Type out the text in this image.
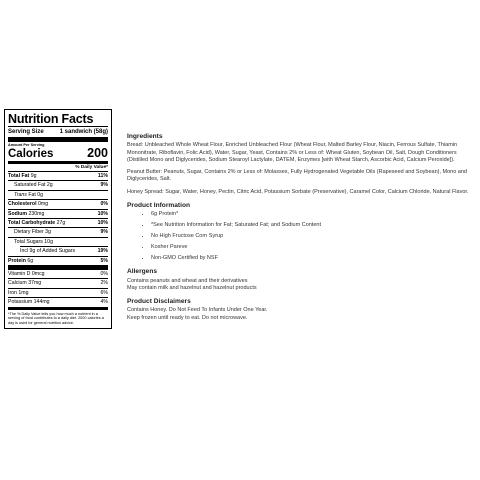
Nutrition Facts
Serving Size	1 sandwich (58g)
Amount Per Serving
Calories	200
% Daily Value*
Total Fat 9g	11%
Saturated Fat 2g	9%
Trans Fat 0g
Cholesterol 0mg	0%
Sodium 230mg	10%
Total Carbohydrate 27g	10%
Dietary Fiber 3g	9%
Total Sugars 10g
Incl 9g of Added Sugars	19%
Protein 6g	5%
Vitamin D 0mcg	0%
Calcium 37mg	2%
Iron 1mg	6%
Potassium 144mg	4%
*The % Daily Value tells you how much a nutrient in a serving of food contributes to a daily diet. 2000 calories a day is used for general nutrition advice.
Ingredients
Bread: Unbleached Whole Wheat Flour, Enriched Unbleached Flour (Wheat Flour, Malted Barley Flour, Niacin, Ferrous Sulfate, Thiamin Mononitrate, Riboflavin, Folic Acid), Water, Sugar, Yeast, Contains 2% or Less of: Wheat Gluten, Soybean Oil, Salt, Dough Conditioners (Distilled Mono and Diglycerides, Sodium Stearoyl Lactylate, DATEM, Enzymes [with Wheat Starch, Ascorbic Acid, Calcium Peroxide]).
Peanut Butter: Peanuts, Sugar, Contains 2% or Less of: Molasses, Fully Hydrogenated Vegetable Oils (Rapeseed and Soybean), Mono and Diglycerides, Salt.
Honey Spread: Sugar, Water, Honey, Pectin, Citric Acid, Potassium Sorbate (Preservative), Caramel Color, Calcium Chloride, Natural Flavor.
Product Information
• 6g Protein*
• *See Nutrition Information for Fat; Saturated Fat; and Sodium Content
• No High Fructose Corn Syrup
• Kosher Pareve
• Non-GMO Certified by NSF
Allergens
Contains peanuts and wheat and their derivatives
May contain milk and hazelnut and hazelnut products
Product Disclaimers
Contains Honey. Do Not Feed To Infants Under One Year.
Keep frozen until ready to eat. Do not microwave.
